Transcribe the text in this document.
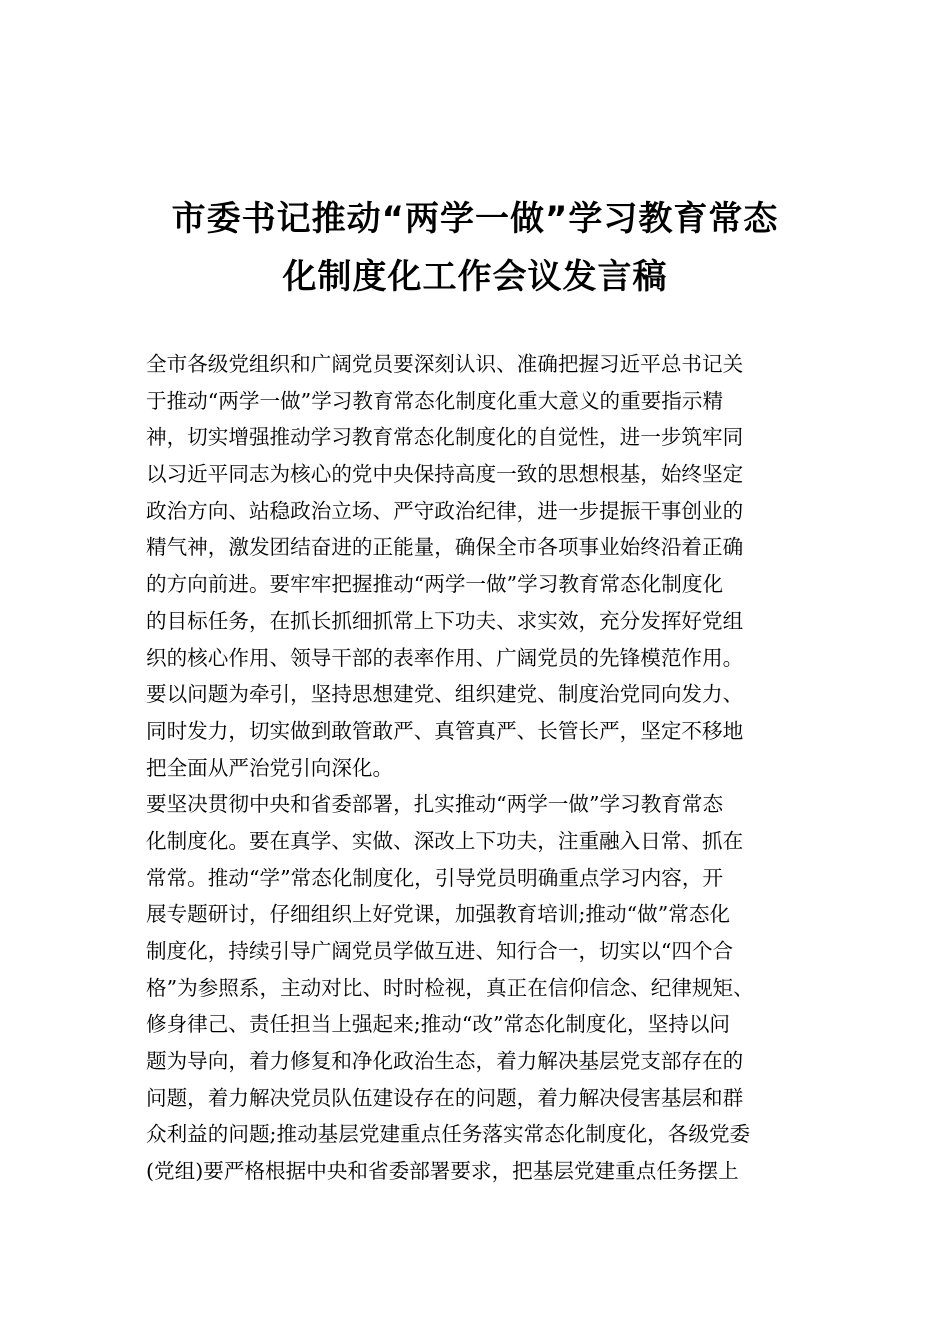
市委书记推动“两学一做”学习教育常态
化制度化工作会议发言稿
全市各级党组织和广阔党员要深刻认识、准确把握习近平总书记关
于推动“两学一做”学习教育常态化制度化重大意义的重要指示精
神，切实增强推动学习教育常态化制度化的自觉性，进一步筑牢同
以习近平同志为核心的党中央保持高度一致的思想根基，始终坚定
政治方向、站稳政治立场、严守政治纪律，进一步提振干事创业的
精气神，激发团结奋进的正能量，确保全市各项事业始终沿着正确
的方向前进。要牢牢把握推动“两学一做”学习教育常态化制度化
的目标任务，在抓长抓细抓常上下功夫、求实效，充分发挥好党组
织的核心作用、领导干部的表率作用、广阔党员的先锋模范作用。
要以问题为牵引，坚持思想建党、组织建党、制度治党同向发力、
同时发力，切实做到敢管敢严、真管真严、长管长严，坚定不移地
把全面从严治党引向深化。
要坚决贯彻中央和省委部署，扎实推动“两学一做”学习教育常态
化制度化。要在真学、实做、深改上下功夫，注重融入日常、抓在
常常。推动“学”常态化制度化，引导党员明确重点学习内容，开
展专题研讨，仔细组织上好党课，加强教育培训;推动“做”常态化
制度化，持续引导广阔党员学做互进、知行合一，切实以“四个合
格”为参照系，主动对比、时时检视，真正在信仰信念、纪律规矩、
修身律己、责任担当上强起来;推动“改”常态化制度化，坚持以问
题为导向，着力修复和净化政治生态，着力解决基层党支部存在的
问题，着力解决党员队伍建设存在的问题，着力解决侵害基层和群
众利益的问题;推动基层党建重点任务落实常态化制度化，各级党委
(党组)要严格根据中央和省委部署要求，把基层党建重点任务摆上
